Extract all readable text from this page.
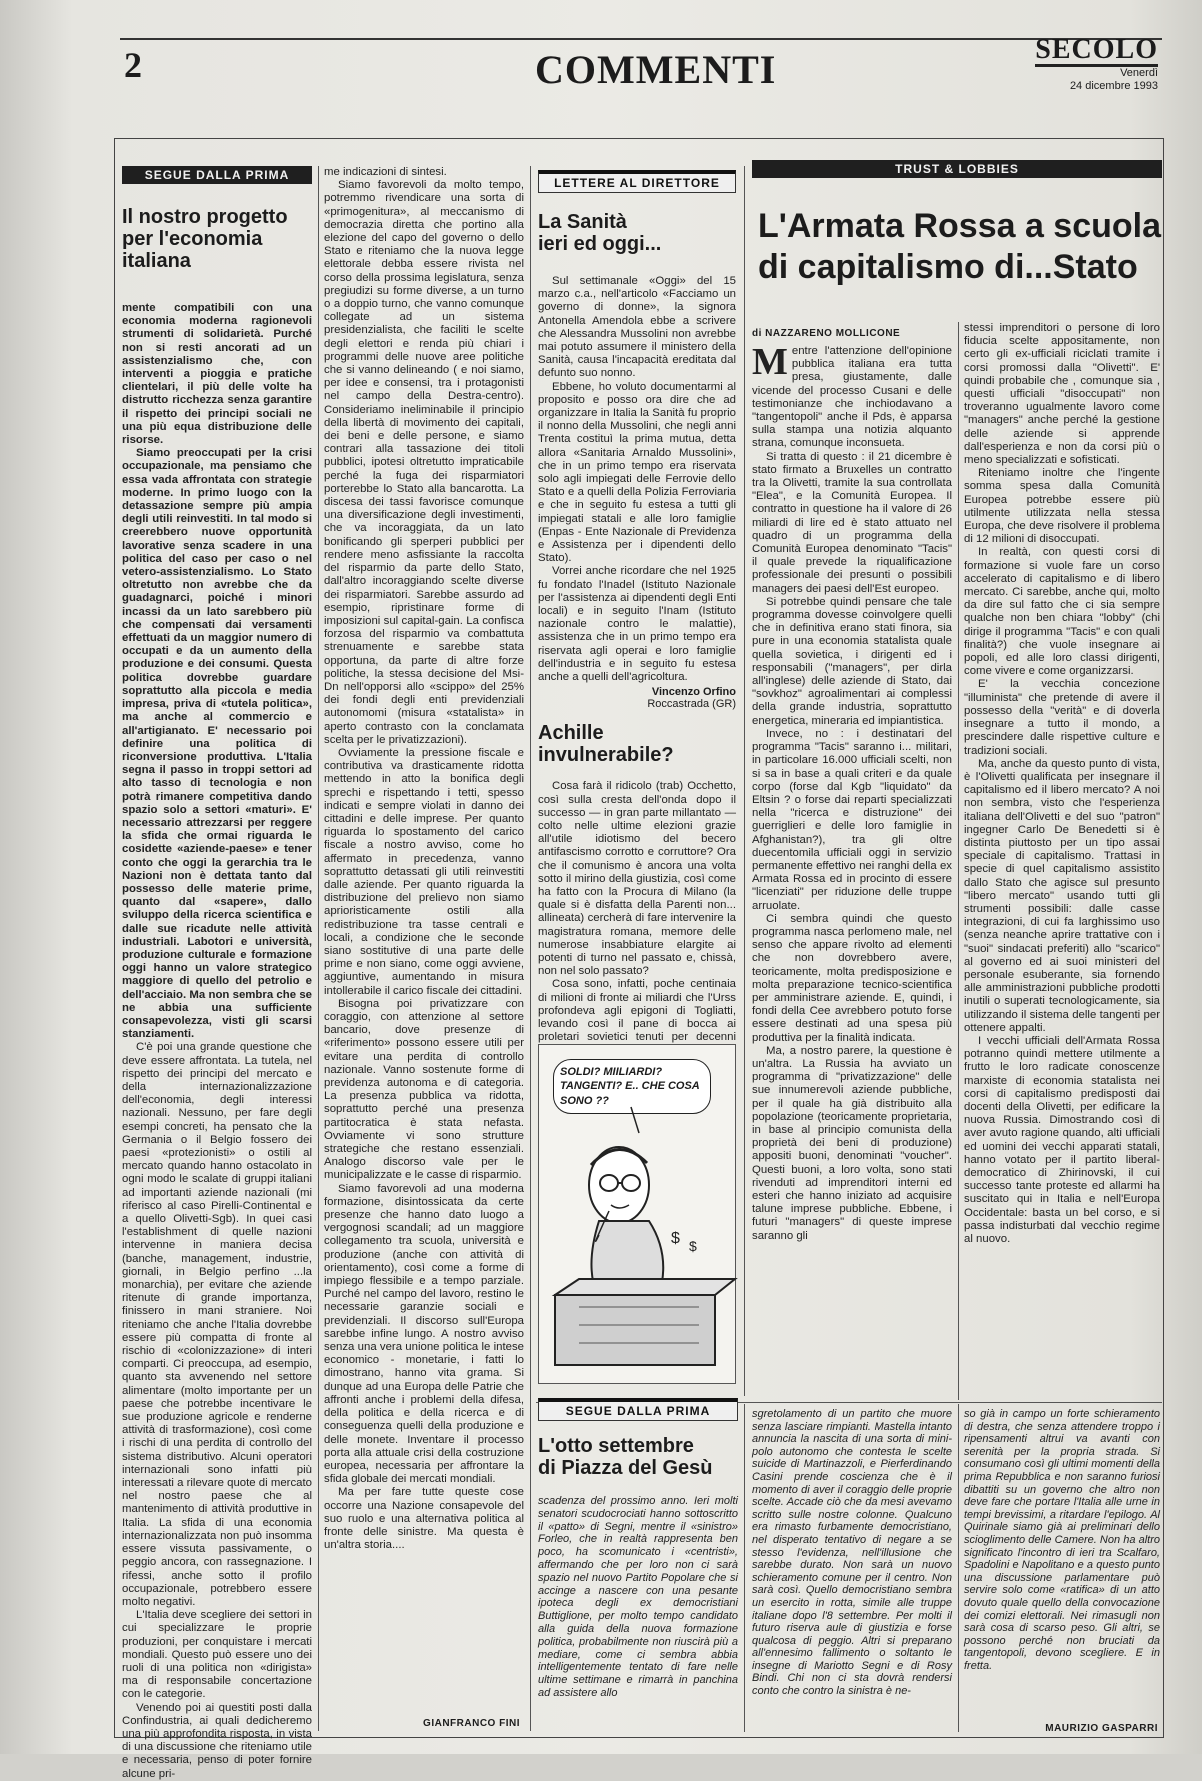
2	COMMENTI	SECOLO
Venerdì
24 dicembre 1993
SEGUE DALLA PRIMA
Il nostro progetto
per l'economia italiana

mente compatibili con una economia moderna ragionevoli strumenti di solidarietà. Purché non si resti ancorati ad un assistenzialismo che, con interventi a pioggia e pratiche clientelari, il più delle volte ha distrutto ricchezza senza garantire il rispetto dei principi sociali ne una più equa distribuzione delle risorse.

Siamo preoccupati per la crisi occupazionale, ma pensiamo che essa vada affrontata con strategie moderne. In primo luogo con la detassazione sempre più ampia degli utili reinvestiti. In tal modo si creerebbero nuove opportunità lavorative senza scadere in una politica del caso per caso o nel vetero-assistenzialismo. Lo Stato oltretutto non avrebbe che da guadagnarci, poiché i minori incassi da un lato sarebbero più che compensati dai versamenti effettuati da un maggior numero di occupati e da un aumento della produzione e dei consumi. Questa politica dovrebbe guardare soprattutto alla piccola e media impresa, priva di «tutela politica», ma anche al commercio e all'artigianato. E' necessario poi definire una politica di riconversione produttiva. L'Italia segna il passo in troppi settori ad alto tasso di tecnologia e non potrà rimanere competitiva dando spazio solo a settori «maturi». E' necessario attrezzarsi per reggere la sfida che ormai riguarda le cosidette «aziende-paese» e tener conto che oggi la gerarchia tra le Nazioni non è dettata tanto dal possesso delle materie prime, quanto dal «sapere», dallo sviluppo della ricerca scientifica e dalle sue ricadute nelle attività industriali. Labotori e università, produzione culturale e formazione oggi hanno un valore strategico maggiore di quello del petrolio e dell'acciaio. Ma non sembra che se ne abbia una sufficiente consapevolezza, visti gli scarsi stanziamenti.

C'è poi una grande questione che deve essere affrontata. La tutela, nel rispetto dei principi del mercato e della internazionalizzazione dell'economia, degli interessi nazionali. Nessuno, per fare degli esempi concreti, ha pensato che la Germania o il Belgio fossero dei paesi «protezionisti» o ostili al mercato quando hanno ostacolato in ogni modo le scalate di gruppi italiani ad importanti aziende nazionali (mi riferisco al caso Pirelli-Continental e a quello Olivetti-Sgb). In quei casi l'establishment di quelle nazioni intervenne in maniera decisa (banche, management, industrie, giornali, in Belgio perfino ...la monarchia), per evitare che aziende ritenute di grande importanza, finissero in mani straniere. Noi riteniamo che anche l'Italia dovrebbe essere più compatta di fronte al rischio di «colonizzazione» di interi comparti. Ci preoccupa, ad esempio, quanto sta avvenendo nel settore alimentare (molto importante per un paese che potrebbe incentivare le sue produzione agricole e renderne attività di trasformazione), così come i rischi di una perdita di controllo del sistema distributivo. Alcuni operatori internazionali sono infatti più interessati a rilevare quote di mercato nel nostro paese che al mantenimento di attività produttive in Italia. La sfida di una economia internazionalizzata non può insomma essere vissuta passivamente, o peggio ancora, con rassegnazione. I rifessi, anche sotto il profilo occupazionale, potrebbero essere molto negativi.

L'Italia deve scegliere dei settori in cui specializzare le proprie produzioni, per conquistare i mercati mondiali. Questo può essere uno dei ruoli di una politica non «dirigista» ma di responsabile concertazione con le categorie.

Venendo poi ai questiti posti dalla Confindustria, ai quali dedicheremo una più approfondita risposta, in vista di una discussione che riteniamo utile e necessaria, penso di poter fornire alcune pri-

me indicazioni di sintesi.

Siamo favorevoli da molto tempo, potremmo rivendicare una sorta di «primogenitura», al meccanismo di democrazia diretta che portino alla elezione del capo del governo o dello Stato e riteniamo che la nuova legge elettorale debba essere rivista nel corso della prossima legislatura, senza pregiudizi su forme diverse, a un turno o a doppio turno, che vanno comunque collegate ad un sistema presidenzialista, che faciliti le scelte degli elettori e renda più chiari i programmi delle nuove aree politiche che si vanno delineando ( e noi siamo, per idee e consensi, tra i protagonisti nel campo della Destra-centro). Consideriamo ineliminabile il principio della libertà di movimento dei capitali, dei beni e delle persone, e siamo contrari alla tassazione dei titoli pubblici, ipotesi oltretutto impraticabile perché la fuga dei risparmiatori porterebbe lo Stato alla bancarotta. La discesa dei tassi favorisce comunque una diversificazione degli investimenti, che va incoraggiata, da un lato bonificando gli sperperi pubblici per rendere meno asfissiante la raccolta del risparmio da parte dello Stato, dall'altro incoraggiando scelte diverse dei risparmiatori. Sarebbe assurdo ad esempio, ripristinare forme di imposizioni sul capital-gain. La confisca forzosa del risparmio va combattuta strenuamente e sarebbe stata opportuna, da parte di altre forze politiche, la stessa decisione del Msi-Dn nell'opporsi allo «scippo» del 25% dei fondi degli enti previdenziali autonomomi (misura «statalista» in aperto contrasto con la conclamata scelta per le privatizzazioni).

Ovviamente la pressione fiscale e contributiva va drasticamente ridotta mettendo in atto la bonifica degli sprechi e rispettando i tetti, spesso indicati e sempre violati in danno dei cittadini e delle imprese. Per quanto riguarda lo spostamento del carico fiscale a nostro avviso, come ho affermato in precedenza, vanno soprattutto detassati gli utili reinvestiti dalle aziende. Per quanto riguarda la distribuzione del prelievo non siamo aprioristicamente ostili alla redistribuzione tra tasse centrali e locali, a condizione che le seconde siano sostitutive di una parte delle prime e non siano, come oggi avviene, aggiuntive, aumentando in misura intollerabile il carico fiscale dei cittadini.

Bisogna poi privatizzare con coraggio, con attenzione al settore bancario, dove presenze di «riferimento» possono essere utili per evitare una perdita di controllo nazionale. Vanno sostenute forme di previdenza autonoma e di categoria. La presenza pubblica va ridotta, soprattutto perché una presenza partitocratica è stata nefasta. Ovviamente vi sono strutture strategiche che restano essenziali. Analogo discorso vale per le municipalizzate e le casse di risparmio.

Siamo favorevoli ad una moderna formazione, disintossicata da certe presenze che hanno dato luogo a vergognosi scandali; ad un maggiore collegamento tra scuola, università e produzione (anche con attività di orientamento), così come a forme di impiego flessibile e a tempo parziale. Purché nel campo del lavoro, restino le necessarie garanzie sociali e previdenziali. Il discorso sull'Europa sarebbe infine lungo. A nostro avviso senza una vera unione politica le intese economico - monetarie, i fatti lo dimostrano, hanno vita grama. Si dunque ad una Europa delle Patrie che affronti anche i problemi della difesa, della politica e della ricerca e di conseguenza quelli della produzione e delle monete. Inventare il processo porta alla attuale crisi della costruzione europea, necessaria per affrontare la sfida globale dei mercati mondiali.

Ma per fare tutte queste cose occorre una Nazione consapevole del suo ruolo e una alternativa politica al fronte delle sinistre. Ma questa è un'altra storia....

GIANFRANCO FINI
LETTERE AL DIRETTORE
La Sanità
ieri ed oggi...

Sul settimanale «Oggi» del 15 marzo c.a., nell'articolo «Facciamo un governo di donne», la signora Antonella Amendola ebbe a scrivere che Alessandra Mussolini non avrebbe mai potuto assumere il ministero della Sanità, causa l'incapacità ereditata dal defunto suo nonno.

Ebbene, ho voluto documentarmi al proposito e posso ora dire che ad organizzare in Italia la Sanità fu proprio il nonno della Mussolini, che negli anni Trenta costituì la prima mutua, detta allora «Sanitaria Arnaldo Mussolini», che in un primo tempo era riservata solo agli impiegati delle Ferrovie dello Stato e a quelli della Polizia Ferroviaria e che in seguito fu estesa a tutti gli impiegati statali e alle loro famiglie (Enpas - Ente Nazionale di Previdenza e Assistenza per i dipendenti dello Stato).

Vorrei anche ricordare che nel 1925 fu fondato l'Inadel (Istituto Nazionale per l'assistenza ai dipendenti degli Enti locali) e in seguito l'Inam (Istituto nazionale contro le malattie), assistenza che in un primo tempo era riservata agli operai e loro famiglie dell'industria e in seguito fu estesa anche a quelli dell'agricoltura.

Vincenzo Orfino
Roccastrada (GR)
Achille
invulnerabile?

Cosa farà il ridicolo (trab) Occhetto, così sulla cresta dell'onda dopo il successo — in gran parte millantato — colto nelle ultime elezioni grazie all'utile idiotismo del becero antifascismo corrotto e corruttore? Ora che il comunismo è ancora una volta sotto il mirino della giustizia, così come ha fatto con la Procura di Milano (la quale si è disfatta della Parenti non... allineata) cercherà di fare intervenire la magistratura romana, memore delle numerose insabbiature elargite ai potenti di turno nel passato e, chissà, non nel solo passato?

Cosa sono, infatti, poche centinaia di milioni di fronte ai miliardi che l'Urss profondeva agli epigoni di Togliatti, levando così il pane di bocca ai proletari sovietici tenuti per decenni

SOLDI? MIILIARDI? TANGENTI? E.. CHE COSA SONO ??
$ $
TRUST & LOBBIES
L'Armata Rossa a scuola
di capitalismo di...Stato
di NAZZARENO MOLLICONE

Mentre l'attenzione dell'opinione pubblica italiana era tutta presa, giustamente, dalle vicende del processo Cusani e delle testimonianze che inchiodavano a "tangentopoli" anche il Pds, è apparsa sulla stampa una notizia alquanto strana, comunque inconsueta.

Si tratta di questo : il 21 dicembre è stato firmato a Bruxelles un contratto tra la Olivetti, tramite la sua controllata "Elea", e la Comunità Europea. Il contratto in questione ha il valore di 26 miliardi di lire ed è stato attuato nel quadro di un programma della Comunità Europea denominato "Tacis" il quale prevede la riqualificazione professionale dei presunti o possibili managers dei paesi dell'Est europeo.

Si potrebbe quindi pensare che tale programma dovesse coinvolgere quelli che in definitiva erano stati finora, sia pure in una economia statalista quale quella sovietica, i dirigenti ed i responsabili ("managers", per dirla all'inglese) delle aziende di Stato, dai "sovkhoz" agroalimentari ai complessi della grande industria, soprattutto energetica, mineraria ed impiantistica.

Invece, no : i destinatari del programma "Tacis" saranno i... militari, in particolare 16.000 ufficiali scelti, non si sa in base a quali criteri e da quale corpo (forse dal Kgb "liquidato" da Eltsin ? o forse dai reparti specializzati nella "ricerca e distruzione" dei guerriglieri e delle loro famiglie in Afghanistan?), tra gli oltre duecentomila ufficiali oggi in servizio permanente effettivo nei ranghi della ex Armata Rossa ed in procinto di essere "licenziati" per riduzione delle truppe arruolate.

Ci sembra quindi che questo programma nasca perlomeno male, nel senso che appare rivolto ad elementi che non dovrebbero avere, teoricamente, molta predisposizione e molta preparazione tecnico-scientifica per amministrare aziende. E, quindi, i fondi della Cee avrebbero potuto forse essere destinati ad una spesa più produttiva per la finalità indicata.

Ma, a nostro parere, la questione è un'altra. La Russia ha avviato un programma di "privatizzazione" delle sue innumerevoli aziende pubbliche, per il quale ha già distribuito alla popolazione (teoricamente proprietaria, in base al principio comunista della proprietà dei beni di produzione) appositi buoni, denominati "voucher". Questi buoni, a loro volta, sono stati rivenduti ad imprenditori interni ed esteri che hanno iniziato ad acquisire talune imprese pubbliche. Ebbene, i futuri "managers" di queste imprese saranno gli

stessi imprenditori o persone di loro fiducia scelte appositamente, non certo gli ex-ufficiali riciclati tramite i corsi promossi dalla "Olivetti". E' quindi probabile che , comunque sia , questi ufficiali "disoccupati" non troveranno ugualmente lavoro come "managers" anche perché la gestione delle aziende si apprende dall'esperienza e non da corsi più o meno specializzati e sofisticati.

Riteniamo inoltre che l'ingente somma spesa dalla Comunità Europea potrebbe essere più utilmente utilizzata nella stessa Europa, che deve risolvere il problema di 12 milioni di disoccupati.

In realtà, con questi corsi di formazione si vuole fare un corso accelerato di capitalismo e di libero mercato. Ci sarebbe, anche qui, molto da dire sul fatto che ci sia sempre qualche non ben chiara "lobby" (chi dirige il programma "Tacis" e con quali finalità?) che vuole insegnare ai popoli, ed alle loro classi dirigenti, come vivere e come organizzarsi.

E' la vecchia concezione "illuminista" che pretende di avere il possesso della "verità" e di doverla insegnare a tutto il mondo, a prescindere dalle rispettive culture e tradizioni sociali.

Ma, anche da questo punto di vista, è l'Olivetti qualificata per insegnare il capitalismo ed il libero mercato? A noi non sembra, visto che l'esperienza italiana dell'Olivetti e del suo "patron" ingegner Carlo De Benedetti si è distinta piuttosto per un tipo assai speciale di capitalismo. Trattasi in specie di quel capitalismo assistito dallo Stato che agisce sul presunto "libero mercato" usando tutti gli strumenti possibili: dalle casse integrazioni, di cui fa larghissimo uso (senza neanche aprire trattative con i "suoi" sindacati preferiti) allo "scarico" al governo ed ai suoi ministeri del personale esuberante, sia fornendo alle amministrazioni pubbliche prodotti inutili o superati tecnologicamente, sia utilizzando il sistema delle tangenti per ottenere appalti.

I vecchi ufficiali dell'Armata Rossa potranno quindi mettere utilmente a frutto le loro radicate conoscenze marxiste di economia statalista nei corsi di capitalismo predisposti dai docenti della Olivetti, per edificare la nuova Russia. Dimostrando così di aver avuto ragione quando, alti ufficiali ed uomini dei vecchi apparati statali, hanno votato per il partito liberal-democratico di Zhirinovski, il cui successo tante proteste ed allarmi ha suscitato qui in Italia e nell'Europa Occidentale: basta un bel corso, e si passa indisturbati dal vecchio regime al nuovo.

SEGUE DALLA PRIMA
L'otto settembre
di Piazza del Gesù
scadenza del prossimo anno. Ieri molti senatori scudocrociati hanno sottoscritto il «patto» di Segni, mentre il «sinistro» Forleo, che in realtà rappresenta ben poco, ha scomunicato i «centristi», affermando che per loro non ci sarà spazio nel nuovo Partito Popolare che si accinge a nascere con una pesante ipoteca degli ex democristiani Buttiglione, per molto tempo candidato alla guida della nuova formazione politica, probabilmente non riuscirà più a mediare, come ci sembra abbia intelligentemente tentato di fare nelle ultime settimane e rimarrà in panchina ad assistere allo
sgretolamento di un partito che muore senza lasciare rimpianti. Mastella intanto annuncia la nascita di una sorta di mini-polo autonomo che contesta le scelte suicide di Martinazzoli, e Pierferdinando Casini prende coscienza che è il momento di aver il coraggio delle proprie scelte. Accade ciò che da mesi avevamo scritto sulle nostre colonne. Qualcuno era rimasto furbamente democristiano, nel disperato tentativo di negare a se stesso l'evidenza, nell'illusione che sarebbe durato. Non sarà un nuovo schieramento comune per il centro. Non sarà così. Quello democristiano sembra un esercito in rotta, simile alle truppe italiane dopo l'8 settembre. Per molti il futuro riserva aule di giustizia e forse qualcosa di peggio. Altri si preparano all'ennesimo fallimento o soltanto le insegne di Mariotto Segni e di Rosy Bindi. Chi non ci sta dovrà rendersi conto che contro la sinistra è ne-
so già in campo un forte schieramento di destra, che senza attendere troppo i ripensamenti altrui va avanti con serenità per la propria strada. Si consumano così gli ultimi momenti della prima Repubblica e non saranno furiosi dibattiti su un governo che altro non deve fare che portare l'Italia alle urne in tempi brevissimi, a ritardare l'epilogo. Al Quirinale siamo già ai preliminari dello scioglimento delle Camere. Non ha altro significato l'incontro di ieri tra Scalfaro, Spadolini e Napolitano e a questo punto una discussione parlamentare può servire solo come «ratifica» di un atto dovuto quale quello della convocazione dei comizi elettorali. Nei rimasugli non sarà cosa di scarso peso. Gli altri, se possono perché non bruciati da tangentopoli, devono scegliere. E in fretta.
MAURIZIO GASPARRI
